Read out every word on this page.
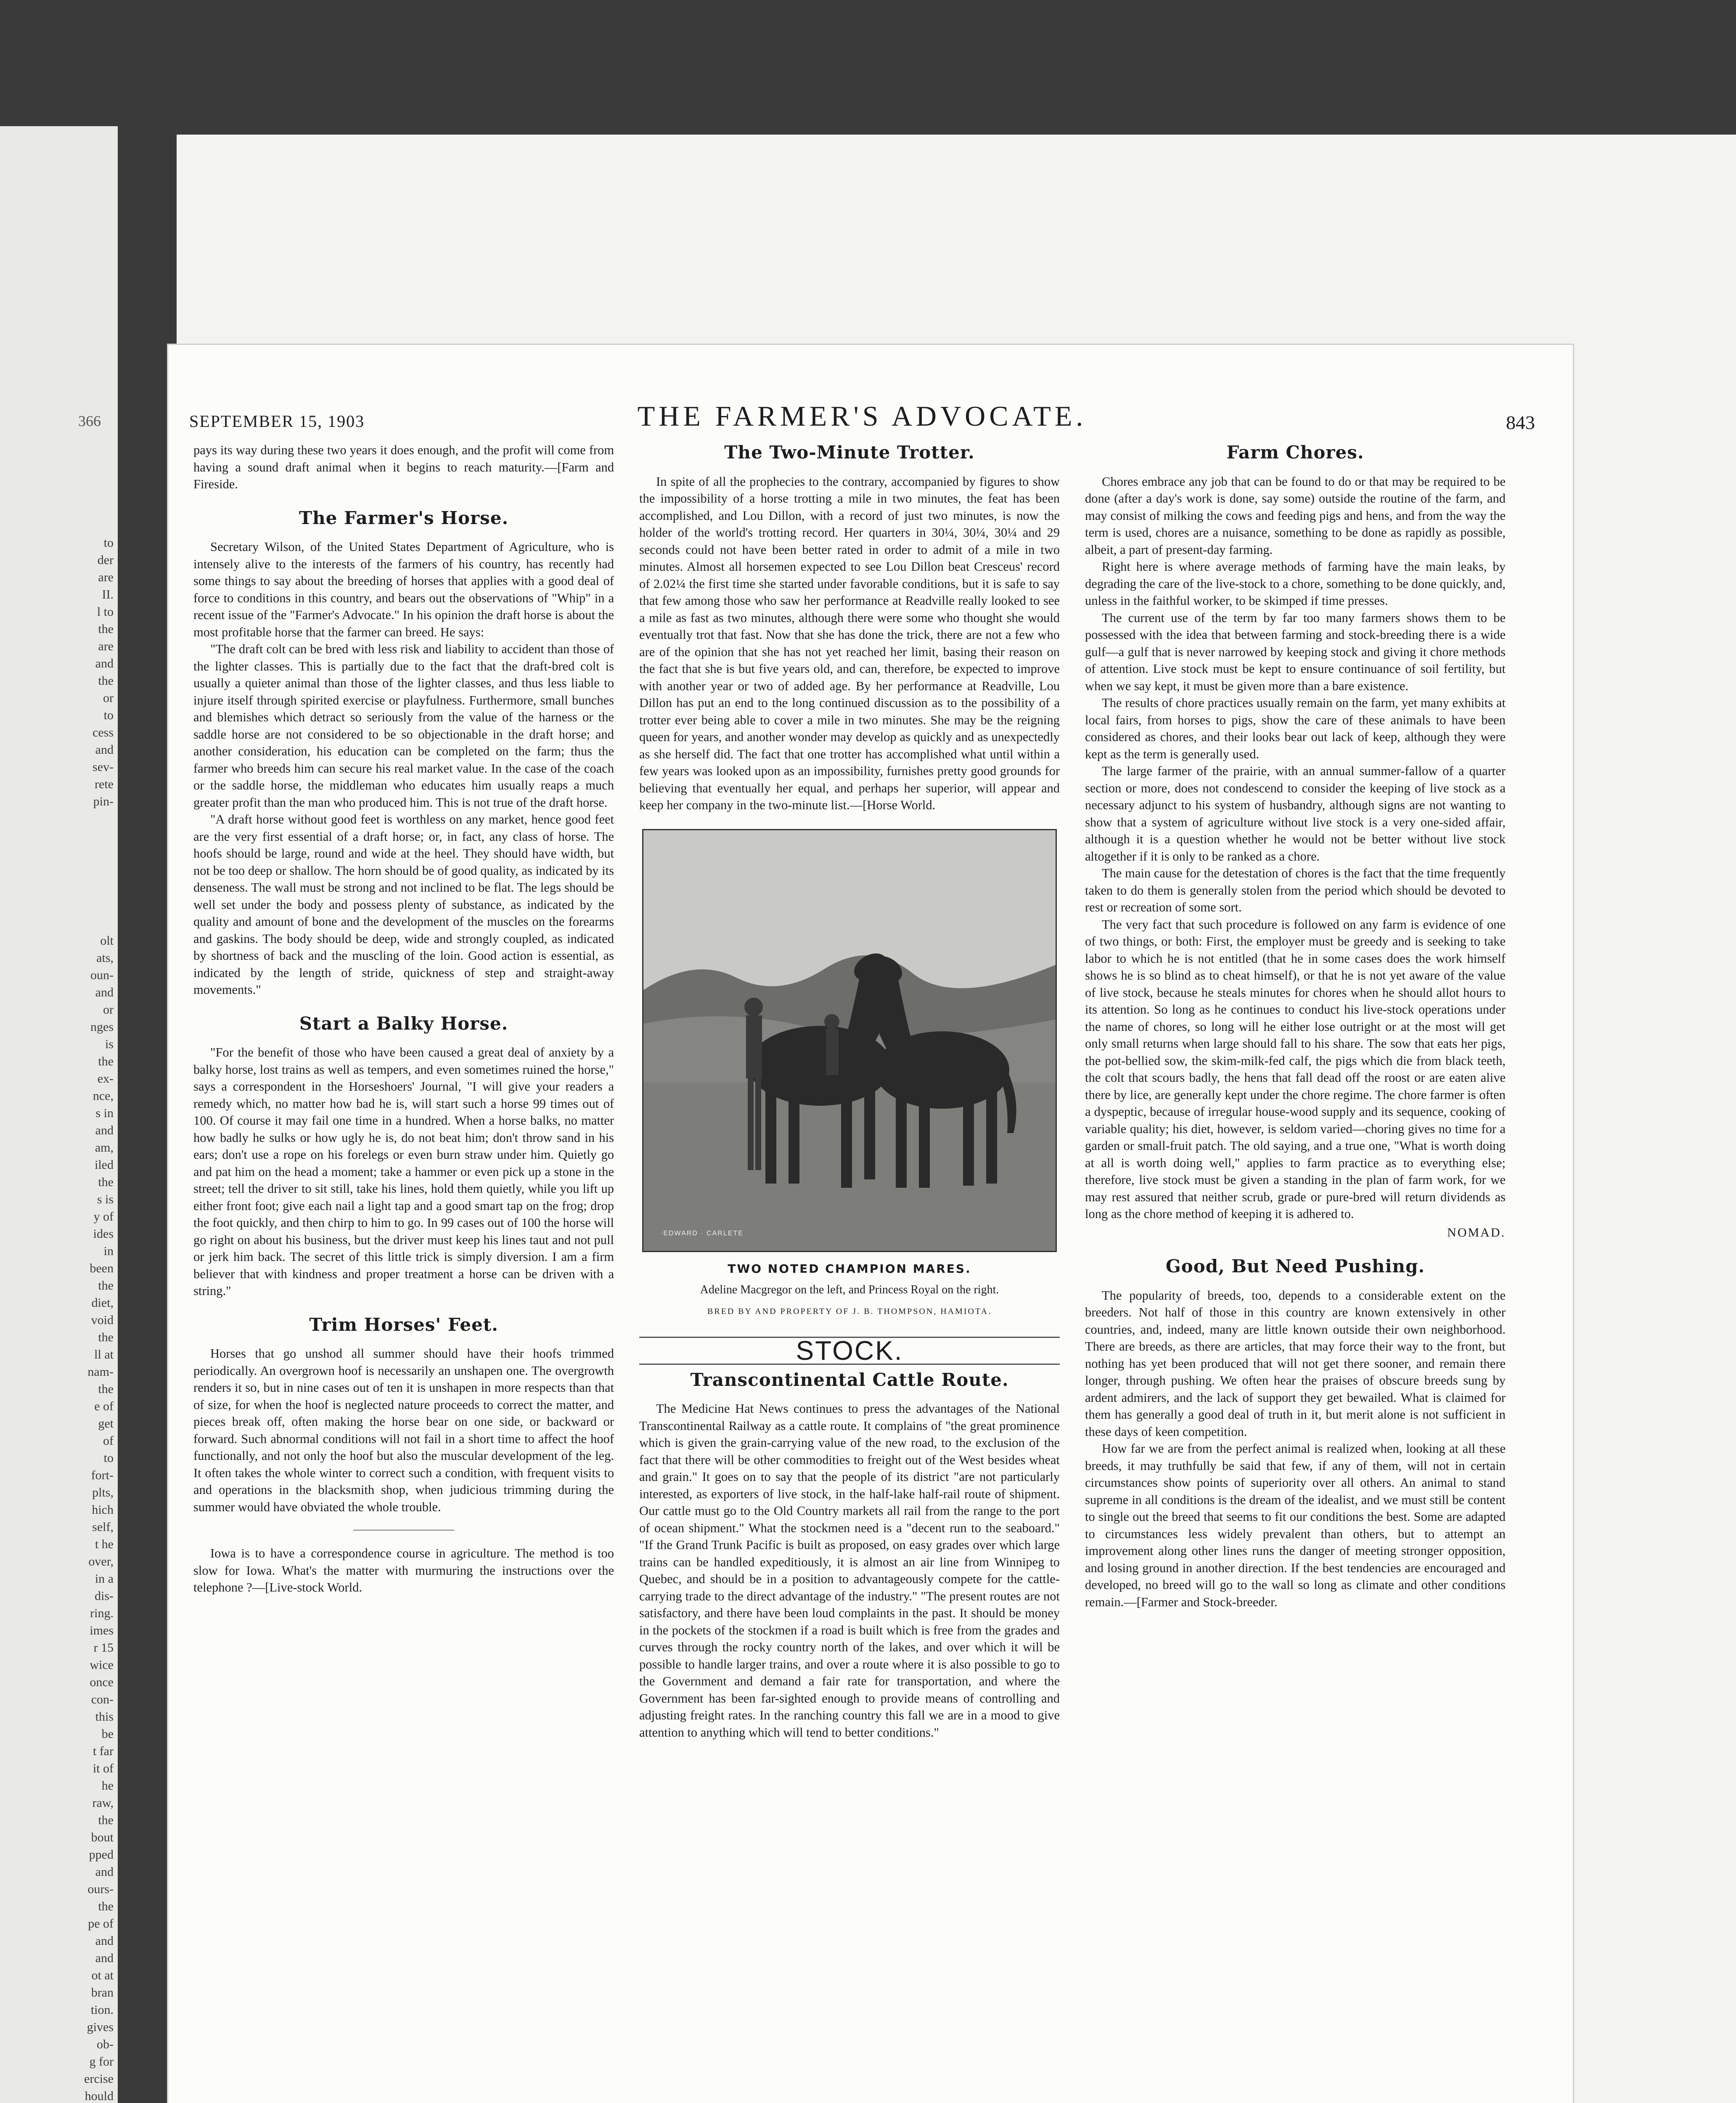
366
to
der
are
II.
l to
the
are
and
the
or
to
cess
and
sev-
rete
pin-
olt
ats,
oun-
and
or
nges
is
the
ex-
nce,
s in
and
am,
iled
the
s is
y of
ides
in
been
the
diet,
void
the
ll at
nam-
the
e of
get
of
to
fort-
plts,
hich
self,
t he
over,
in a
dis-
ring.
imes
r 15
wice
once
con-
this
be
t far
it of
he
raw,
the
bout
pped
and
ours-
the
pe of
and
and
ot at
bran
tion.
gives
ob-
g for
ercise
hould
SEPTEMBER 15, 1903	THE FARMER'S ADVOCATE.	843

pays its way during these two years it does enough, and the profit will come from having a sound draft animal when it begins to reach maturity.—[Farm and Fireside.

The Farmer's Horse.

Secretary Wilson, of the United States Department of Agriculture, who is intensely alive to the interests of the farmers of his country, has recently had some things to say about the breeding of horses that applies with a good deal of force to conditions in this country, and bears out the observations of "Whip" in a recent issue of the "Farmer's Advocate." In his opinion the draft horse is about the most profitable horse that the farmer can breed. He says:

"The draft colt can be bred with less risk and liability to accident than those of the lighter classes. This is partially due to the fact that the draft-bred colt is usually a quieter animal than those of the lighter classes, and thus less liable to injure itself through spirited exercise or playfulness. Furthermore, small bunches and blemishes which detract so seriously from the value of the harness or the saddle horse are not considered to be so objectionable in the draft horse; and another consideration, his education can be completed on the farm; thus the farmer who breeds him can secure his real market value. In the case of the coach or the saddle horse, the middleman who educates him usually reaps a much greater profit than the man who produced him. This is not true of the draft horse.

"A draft horse without good feet is worthless on any market, hence good feet are the very first essential of a draft horse; or, in fact, any class of horse. The hoofs should be large, round and wide at the heel. They should have width, but not be too deep or shallow. The horn should be of good quality, as indicated by its denseness. The wall must be strong and not inclined to be flat. The legs should be well set under the body and possess plenty of substance, as indicated by the quality and amount of bone and the development of the muscles on the forearms and gaskins. The body should be deep, wide and strongly coupled, as indicated by shortness of back and the muscling of the loin. Good action is essential, as indicated by the length of stride, quickness of step and straight-away movements."

Start a Balky Horse.

"For the benefit of those who have been caused a great deal of anxiety by a balky horse, lost trains as well as tempers, and even sometimes ruined the horse," says a correspondent in the Horseshoers' Journal, "I will give your readers a remedy which, no matter how bad he is, will start such a horse 99 times out of 100. Of course it may fail one time in a hundred. When a horse balks, no matter how badly he sulks or how ugly he is, do not beat him; don't throw sand in his ears; don't use a rope on his forelegs or even burn straw under him. Quietly go and pat him on the head a moment; take a hammer or even pick up a stone in the street; tell the driver to sit still, take his lines, hold them quietly, while you lift up either front foot; give each nail a light tap and a good smart tap on the frog; drop the foot quickly, and then chirp to him to go. In 99 cases out of 100 the horse will go right on about his business, but the driver must keep his lines taut and not pull or jerk him back. The secret of this little trick is simply diversion. I am a firm believer that with kindness and proper treatment a horse can be driven with a string."

Trim Horses' Feet.

Horses that go unshod all summer should have their hoofs trimmed periodically. An overgrown hoof is necessarily an unshapen one. The overgrowth renders it so, but in nine cases out of ten it is unshapen in more respects than that of size, for when the hoof is neglected nature proceeds to correct the matter, and pieces break off, often making the horse bear on one side, or backward or forward. Such abnormal conditions will not fail in a short time to affect the hoof functionally, and not only the hoof but also the muscular development of the leg. It often takes the whole winter to correct such a condition, with frequent visits to and operations in the blacksmith shop, when judicious trimming during the summer would have obviated the whole trouble.

Iowa is to have a correspondence course in agriculture. The method is too slow for Iowa. What's the matter with murmuring the instructions over the telephone ?—[Live-stock World.

The Two-Minute Trotter.

In spite of all the prophecies to the contrary, accompanied by figures to show the impossibility of a horse trotting a mile in two minutes, the feat has been accomplished, and Lou Dillon, with a record of just two minutes, is now the holder of the world's trotting record. Her quarters in 30¼, 30¼, 30¼ and 29 seconds could not have been better rated in order to admit of a mile in two minutes. Almost all horsemen expected to see Lou Dillon beat Cresceus' record of 2.02¼ the first time she started under favorable conditions, but it is safe to say that few among those who saw her performance at Readville really looked to see a mile as fast as two minutes, although there were some who thought she would eventually trot that fast. Now that she has done the trick, there are not a few who are of the opinion that she has not yet reached her limit, basing their reason on the fact that she is but five years old, and can, therefore, be expected to improve with another year or two of added age. By her performance at Readville, Lou Dillon has put an end to the long continued discussion as to the possibility of a trotter ever being able to cover a mile in two minutes. She may be the reigning queen for years, and another wonder may develop as quickly and as unexpectedly as she herself did. The fact that one trotter has accomplished what until within a few years was looked upon as an impossibility, furnishes pretty good grounds for believing that eventually her equal, and perhaps her superior, will appear and keep her company in the two-minute list.—[Horse World.

·EDWARD · CARLETE
TWO NOTED CHAMPION MARES.
Adeline Macgregor on the left, and Princess Royal on the right.
BRED BY AND PROPERTY OF J. B. THOMPSON, HAMIOTA.
STOCK.
Transcontinental Cattle Route.

The Medicine Hat News continues to press the advantages of the National Transcontinental Railway as a cattle route. It complains of "the great prominence which is given the grain-carrying value of the new road, to the exclusion of the fact that there will be other commodities to freight out of the West besides wheat and grain." It goes on to say that the people of its district "are not particularly interested, as exporters of live stock, in the half-lake half-rail route of shipment. Our cattle must go to the Old Country markets all rail from the range to the port of ocean shipment." What the stockmen need is a "decent run to the seaboard." "If the Grand Trunk Pacific is built as proposed, on easy grades over which large trains can be handled expeditiously, it is almost an air line from Winnipeg to Quebec, and should be in a position to advantageously compete for the cattle-carrying trade to the direct advantage of the industry." "The present routes are not satisfactory, and there have been loud complaints in the past. It should be money in the pockets of the stockmen if a road is built which is free from the grades and curves through the rocky country north of the lakes, and over which it will be possible to handle larger trains, and over a route where it is also possible to go to the Government and demand a fair rate for transportation, and where the Government has been far-sighted enough to provide means of controlling and adjusting freight rates. In the ranching country this fall we are in a mood to give attention to anything which will tend to better conditions."

Farm Chores.

Chores embrace any job that can be found to do or that may be required to be done (after a day's work is done, say some) outside the routine of the farm, and may consist of milking the cows and feeding pigs and hens, and from the way the term is used, chores are a nuisance, something to be done as rapidly as possible, albeit, a part of present-day farming.

Right here is where average methods of farming have the main leaks, by degrading the care of the live-stock to a chore, something to be done quickly, and, unless in the faithful worker, to be skimped if time presses.

The current use of the term by far too many farmers shows them to be possessed with the idea that between farming and stock-breeding there is a wide gulf—a gulf that is never narrowed by keeping stock and giving it chore methods of attention. Live stock must be kept to ensure continuance of soil fertility, but when we say kept, it must be given more than a bare existence.

The results of chore practices usually remain on the farm, yet many exhibits at local fairs, from horses to pigs, show the care of these animals to have been considered as chores, and their looks bear out lack of keep, although they were kept as the term is generally used.

The large farmer of the prairie, with an annual summer-fallow of a quarter section or more, does not condescend to consider the keeping of live stock as a necessary adjunct to his system of husbandry, although signs are not wanting to show that a system of agriculture without live stock is a very one-sided affair, although it is a question whether he would not be better without live stock altogether if it is only to be ranked as a chore.

The main cause for the detestation of chores is the fact that the time frequently taken to do them is generally stolen from the period which should be devoted to rest or recreation of some sort.

The very fact that such procedure is followed on any farm is evidence of one of two things, or both: First, the employer must be greedy and is seeking to take labor to which he is not entitled (that he in some cases does the work himself shows he is so blind as to cheat himself), or that he is not yet aware of the value of live stock, because he steals minutes for chores when he should allot hours to its attention. So long as he continues to conduct his live-stock operations under the name of chores, so long will he either lose outright or at the most will get only small returns when large should fall to his share. The sow that eats her pigs, the pot-bellied sow, the skim-milk-fed calf, the pigs which die from black teeth, the colt that scours badly, the hens that fall dead off the roost or are eaten alive there by lice, are generally kept under the chore regime. The chore farmer is often a dyspeptic, because of irregular house-wood supply and its sequence, cooking of variable quality; his diet, however, is seldom varied—choring gives no time for a garden or small-fruit patch. The old saying, and a true one, "What is worth doing at all is worth doing well," applies to farm practice as to everything else; therefore, live stock must be given a standing in the plan of farm work, for we may rest assured that neither scrub, grade or pure-bred will return dividends as long as the chore method of keeping it is adhered to.

NOMAD.
Good, But Need Pushing.

The popularity of breeds, too, depends to a considerable extent on the breeders. Not half of those in this country are known extensively in other countries, and, indeed, many are little known outside their own neighborhood. There are breeds, as there are articles, that may force their way to the front, but nothing has yet been produced that will not get there sooner, and remain there longer, through pushing. We often hear the praises of obscure breeds sung by ardent admirers, and the lack of support they get bewailed. What is claimed for them has generally a good deal of truth in it, but merit alone is not sufficient in these days of keen competition.

How far we are from the perfect animal is realized when, looking at all these breeds, it may truthfully be said that few, if any of them, will not in certain circumstances show points of superiority over all others. An animal to stand supreme in all conditions is the dream of the idealist, and we must still be content to single out the breed that seems to fit our conditions the best. Some are adapted to circumstances less widely prevalent than others, but to attempt an improvement along other lines runs the danger of meeting stronger opposition, and losing ground in another direction. If the best tendencies are encouraged and developed, no breed will go to the wall so long as climate and other conditions remain.—[Farmer and Stock-breeder.
